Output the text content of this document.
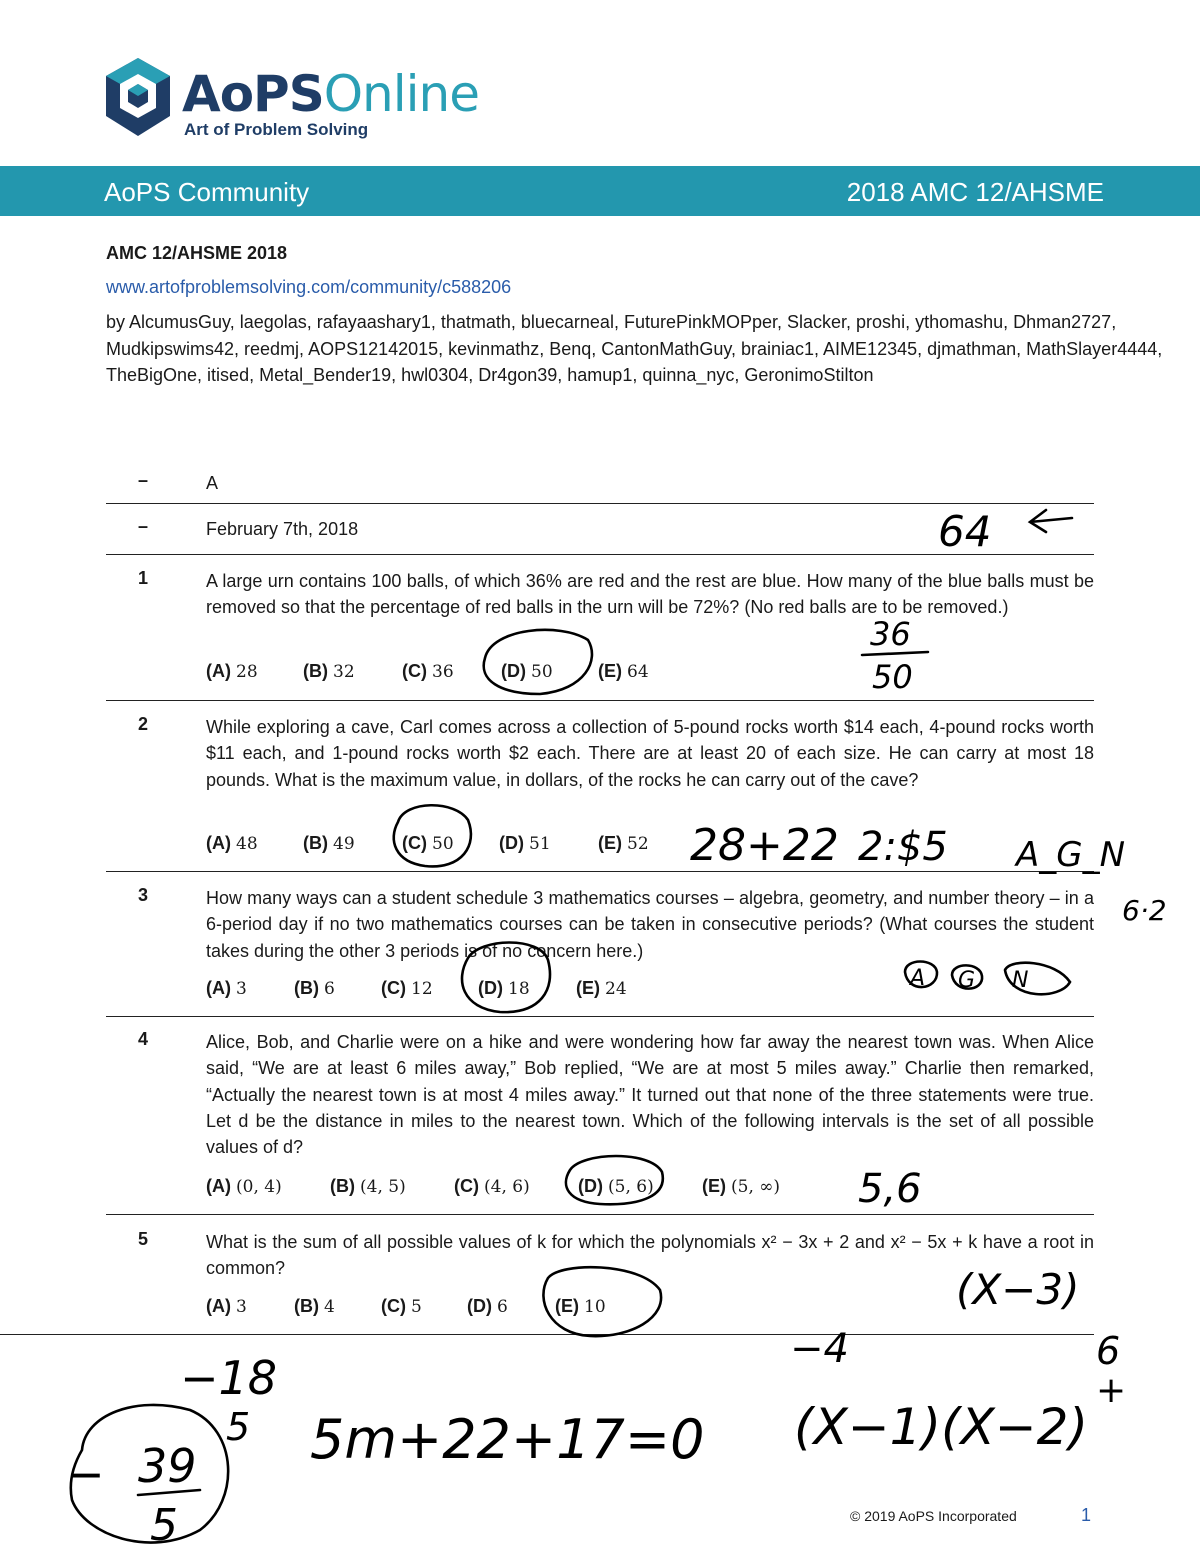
AoPSOnline
Art of Problem Solving
AoPS Community	2018 AMC 12/AHSME
AMC 12/AHSME 2018
www.artofproblemsolving.com/community/c588206
by AlcumusGuy, laegolas, rafayaashary1, thatmath, bluecarneal, FuturePinkMOPper, Slacker, proshi, ythomashu, Dhman2727, Mudkipswims42, reedmj, AOPS12142015, kevinmathz, Benq, CantonMathGuy, brainiac1, AIME12345, djmathman, MathSlayer4444, TheBigOne, itised, Metal_Bender19, hwl0304, Dr4gon39, hamup1, quinna_nyc, GeronimoStilton
–	A
–	February 7th, 2018
1	A large urn contains 100 balls, of which 36% are red and the rest are blue. How many of the blue balls must be removed so that the percentage of red balls in the urn will be 72%? (No red balls are to be removed.)
(A) 28	(B) 32	(C) 36	(D) 50	(E) 64
2	While exploring a cave, Carl comes across a collection of 5-pound rocks worth $14 each, 4-pound rocks worth $11 each, and 1-pound rocks worth $2 each. There are at least 20 of each size. He can carry at most 18 pounds. What is the maximum value, in dollars, of the rocks he can carry out of the cave?
(A) 48	(B) 49	(C) 50	(D) 51	(E) 52
3	How many ways can a student schedule 3 mathematics courses – algebra, geometry, and number theory – in a 6-period day if no two mathematics courses can be taken in consecutive periods? (What courses the student takes during the other 3 periods is of no concern here.)
(A) 3	(B) 6	(C) 12	(D) 18	(E) 24
4	Alice, Bob, and Charlie were on a hike and were wondering how far away the nearest town was. When Alice said, “We are at least 6 miles away,” Bob replied, “We are at most 5 miles away.” Charlie then remarked, “Actually the nearest town is at most 4 miles away.” It turned out that none of the three statements were true. Let d be the distance in miles to the nearest town. Which of the following intervals is the set of all possible values of d?
(A) (0, 4)	(B) (4, 5)	(C) (4, 6)	(D) (5, 6)	(E) (5, ∞)
5	What is the sum of all possible values of k for which the polynomials x² − 3x + 2 and x² − 5x + k have a root in common?
(A) 3	(B) 4	(C) 5	(D) 6	(E) 10
© 2019 AoPS Incorporated	1
64
36
50
28+22 2:$5 A_G_N
6·2
A G N
5,6
(X−3)
−4	6
+
−18
5 5m+22+17=0 (X−1)(X−2)
− 39
5
